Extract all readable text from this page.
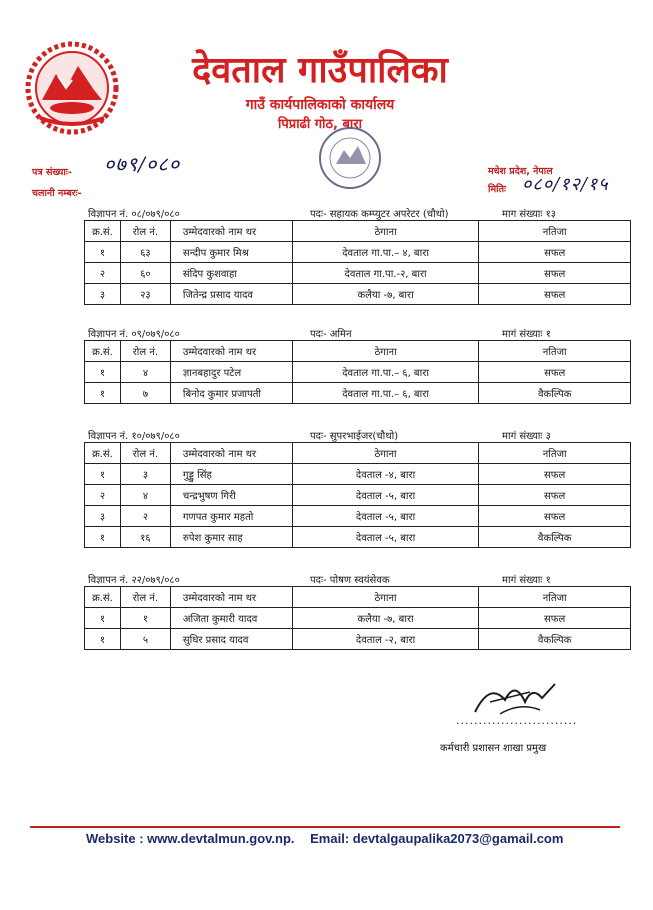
देवताल गाउँपालिका
गाउँ कार्यपालिकाको कार्यालय
पिप्राढी गोठ, बारा
पत्र संख्याः- ०७९/०८०
चलानी नम्बरः-
मधेश प्रदेश, नेपाल
मितिः ०८०/१२/१५
विज्ञापन नं. ०८/०७९/०८०	पदः- सहायक कम्प्युटर अपरेटर (चौथो)	माग संख्याः १३
क्र.सं.	रोल नं.	उम्मेदवारको नाम थर	ठेगाना	नतिजा
१	६३	सन्दीप कुमार मिश्र	देवताल गा.पा.– ४, बारा	सफल
२	६०	संदिप कुशवाहा	देवताल गा.पा.-२, बारा	सफल
३	२३	जितेन्द्र प्रसाद यादव	कलैया -७, बारा	सफल
विज्ञापन नं. ०९/०७९/०८०	पदः- अमिन	मागं संख्याः १
क्र.सं.	रोल नं.	उम्मेदवारको नाम थर	ठेगाना	नतिजा
१	४	ज्ञानबहादुर पटेल	देवताल गा.पा.– ६, बारा	सफल
१	७	बिनोद कुमार प्रजापती	देवताल गा.पा.– ६, बारा	वैकल्पिक
विज्ञापन नं. १०/०७९/०८०	पदः- सुपरभाईजर(चौथो)	मागं संख्याः ३
क्र.सं.	रोल नं.	उम्मेदवारको नाम थर	ठेगाना	नतिजा
१	३	गुड्डु सिंह	देवताल -४, बारा	सफल
२	४	चन्द्रभुषण गिरी	देवताल -५, बारा	सफल
३	२	गणपत कुमार महतो	देवताल -५, बारा	सफल
१	१६	रुपेश कुमार साह	देवताल -५, बारा	वैकल्पिक
विज्ञापन नं. २२/०७९/०८०	पदः- पोषण स्वयंसेवक	मागं संख्याः १
क्र.सं.	रोल नं.	उम्मेदवारको नाम थर	ठेगाना	नतिजा
१	१	अजिता कुमारी यादव	कलैया -७, बारा	सफल
१	५	सुधिर प्रसाद यादव	देवताल -२, बारा	वैकल्पिक
...........................
कर्मचारी प्रशासन शाखा प्रमुख
Website : www.devtalmun.gov.np. Email: devtalgaupalika2073@gamail.com
